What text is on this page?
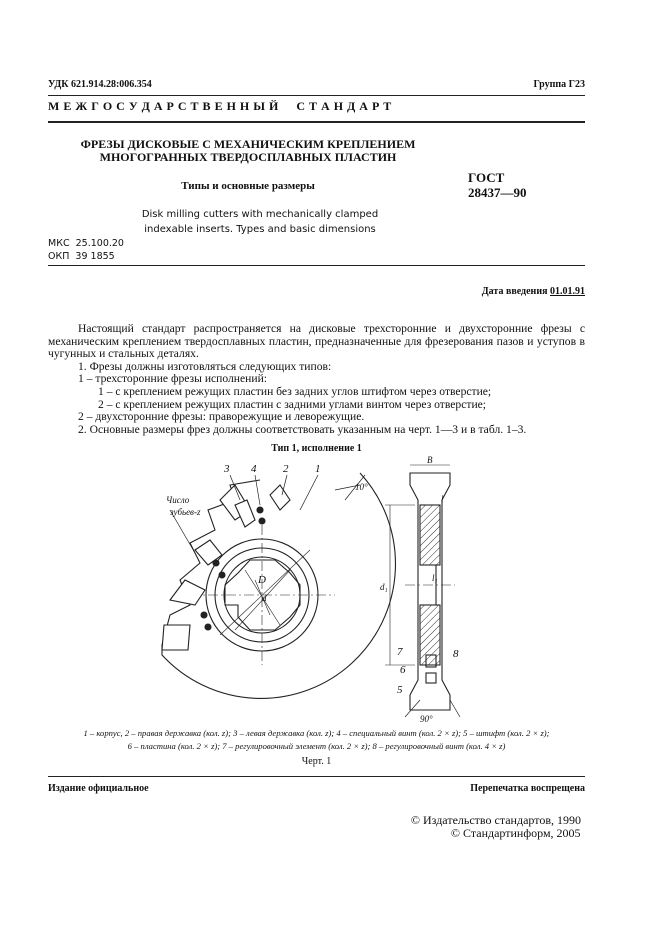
УДК 621.914.28:006.354	Группа Г23
М Е Ж Г О С У Д А Р С Т В Е Н Н Ы Й     С Т А Н Д А Р Т
ФРЕЗЫ ДИСКОВЫЕ С МЕХАНИЧЕСКИМ КРЕПЛЕНИЕМ
МНОГОГРАННЫХ ТВЕРДОСПЛАВНЫХ ПЛАСТИН
Типы и основные размеры
Disk milling cutters with mechanically clamped
indexable inserts. Types and basic dimensions
ГОСТ
28437—90
МКС 25.100.20
ОКП 39 1855
Дата введения 01.01.91
Настоящий стандарт распространяется на дисковые трехсторонние и двухсторонние фрезы с механическим креплением твердосплавных пластин, предназначенные для фрезерования пазов и уступов в чугунных и стальных деталях.
1. Фрезы должны изготовляться следующих типов:
1 – трехсторонние фрезы исполнений:
1 – с креплением режущих пластин без задних углов штифтом через отверстие;
2 – с креплением режущих пластин с задними углами винтом через отверстие;
2 – двухсторонние фрезы: праворежущие и леворежущие.
2. Основные размеры фрез должны соответствовать указанным на черт. 1—3 и в табл. 1–3.
Тип 1, исполнение 1
3 4 2 1
Число
зубьев-z
10°
D
d
B
l
l₁
d₁
7	8
6
5
90°
1 – корпус, 2 – правая державка (кол. z); 3 – левая державка (кол. z); 4 – специальный винт (кол. 2 × z); 5 – штифт (кол. 2 × z);
6 – пластина (кол. 2 × z); 7 – регулировочный элемент (кол. 2 × z); 8 – регулировочный винт (кол. 4 × z)
Черт. 1
Издание официальное	Перепечатка воспрещена
© Издательство стандартов, 1990
© Стандартинформ, 2005
